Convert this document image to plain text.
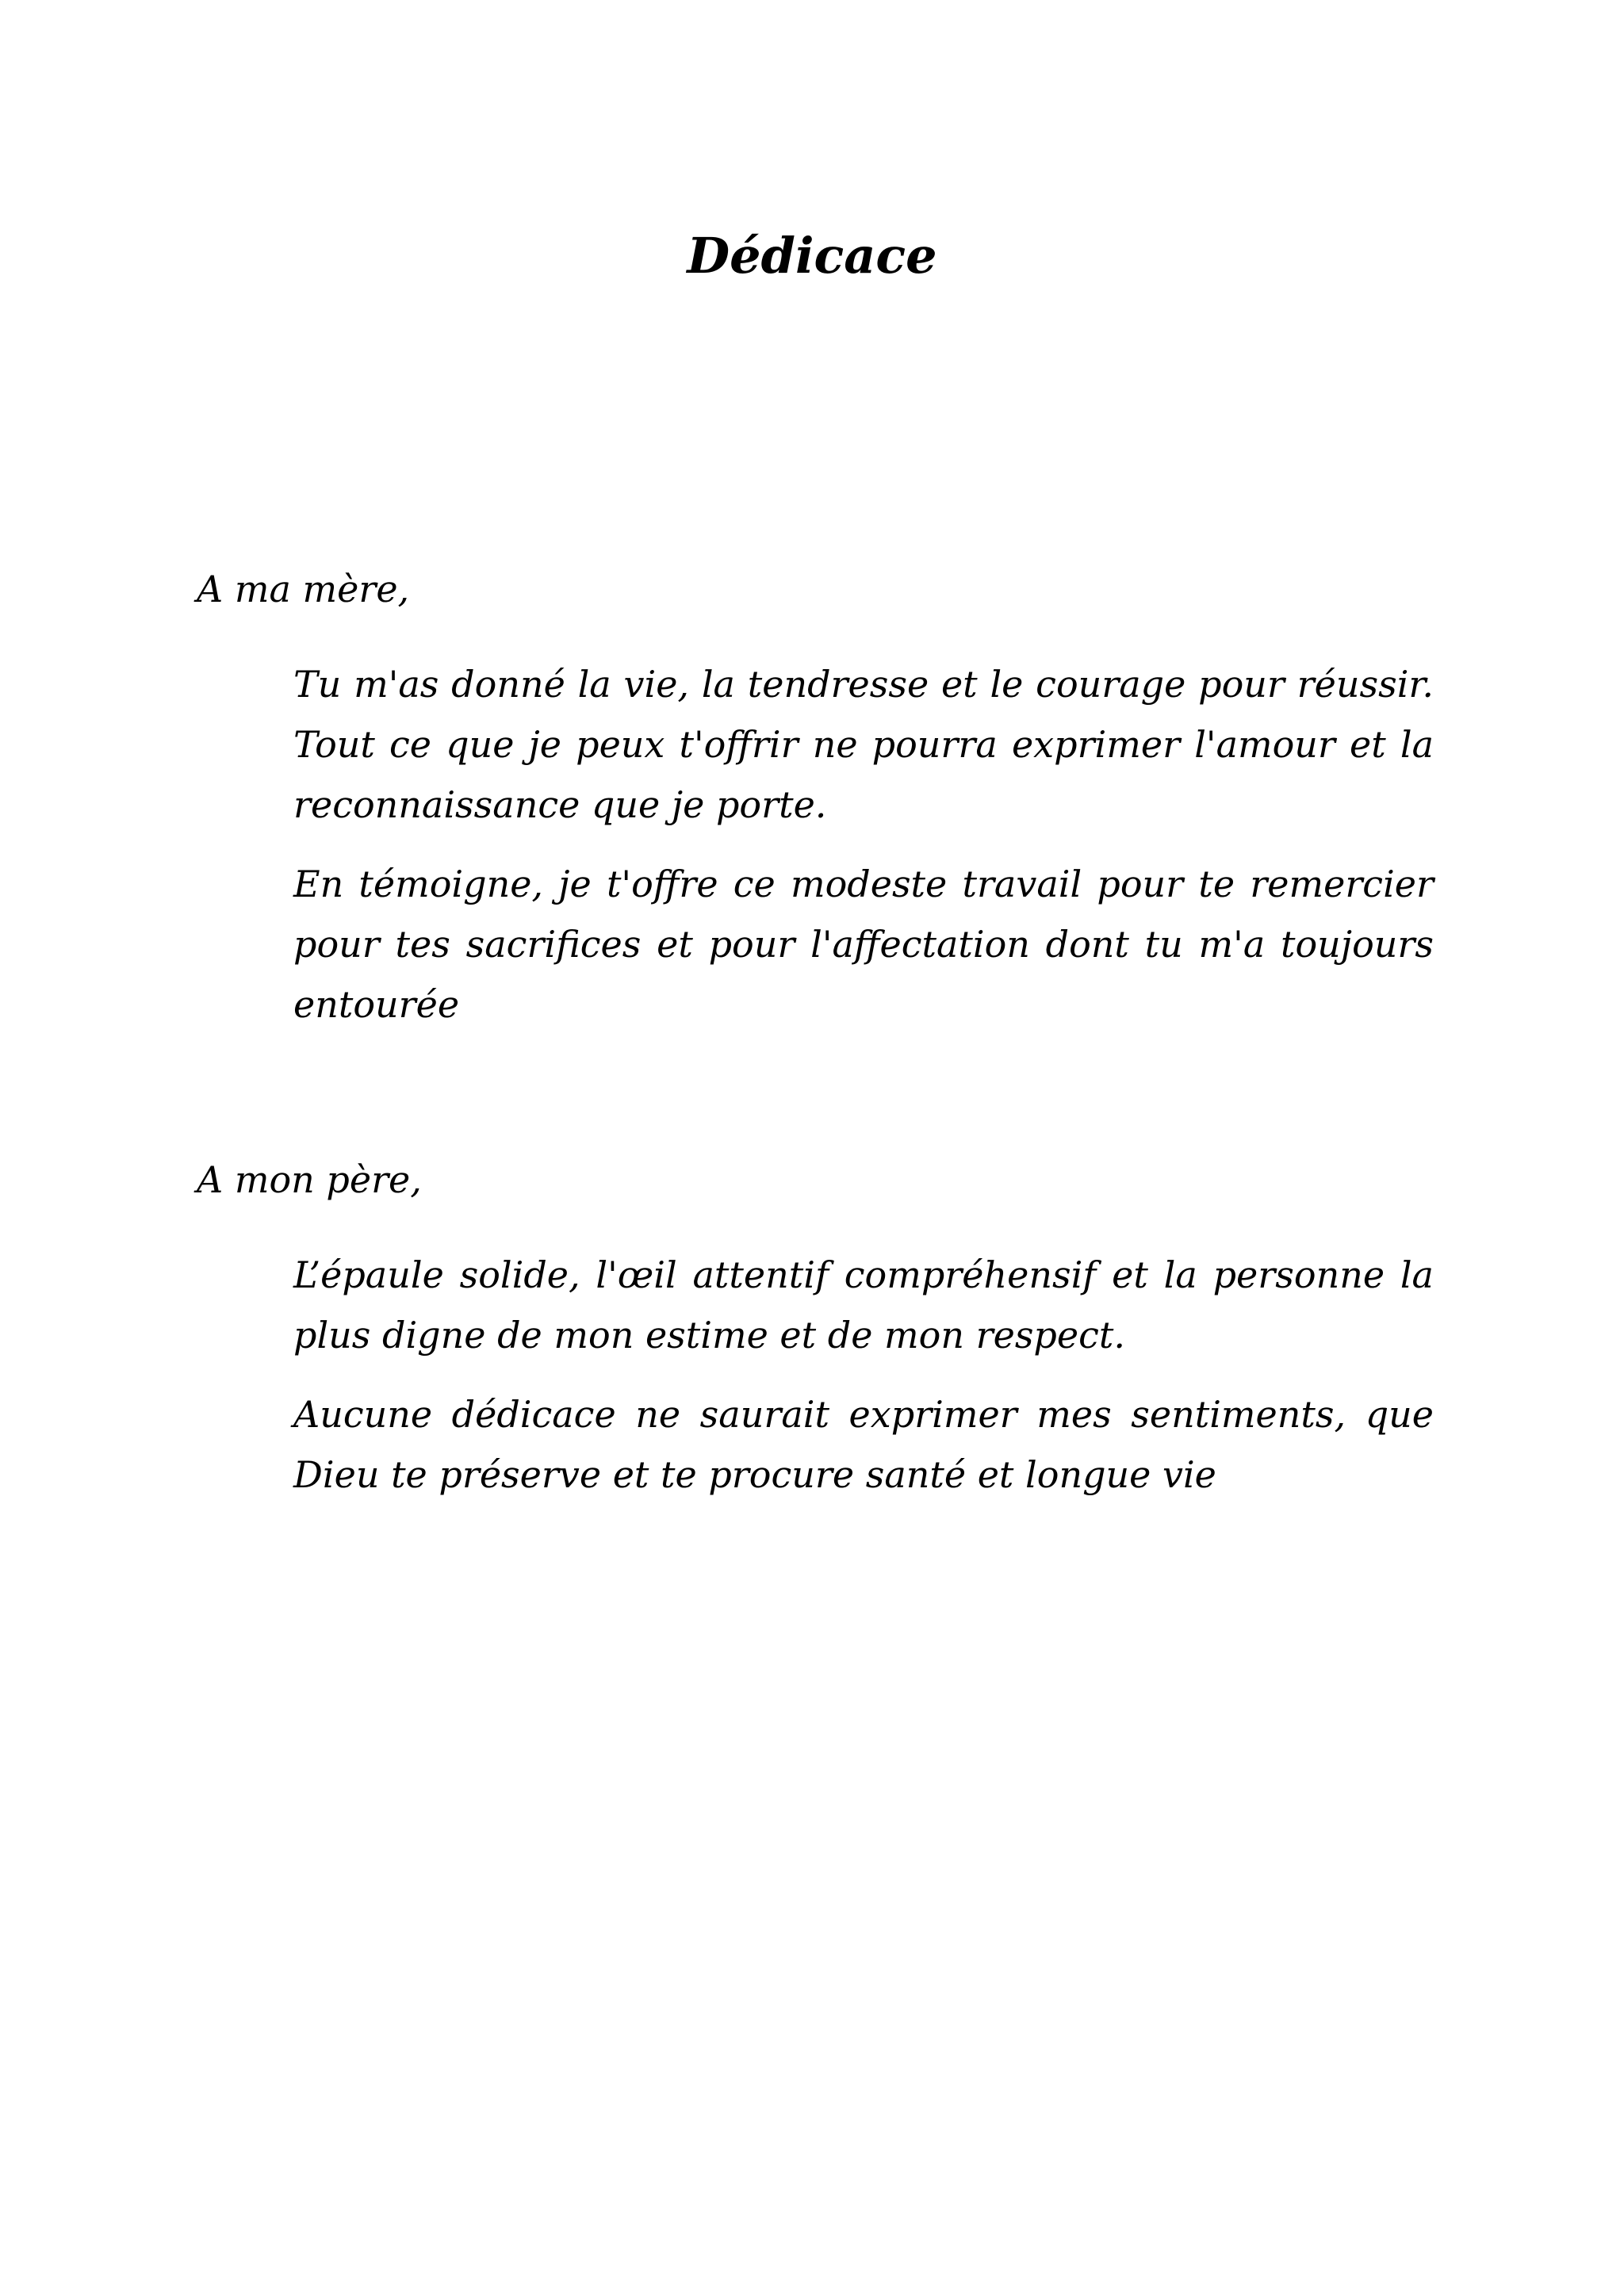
Dédicace

A ma mère,

Tu m'as donné la vie, la tendresse et le courage pour réussir. Tout ce que je peux t'offrir ne pourra exprimer l'amour et la reconnaissance que je porte.

En témoigne, je t'offre ce modeste travail pour te remercier pour tes sacrifices et pour l'affectation dont tu m'a toujours entourée

A mon père,

L’épaule solide, l'œil attentif compréhensif et la personne la plus digne de mon estime et de mon respect.

Aucune dédicace ne saurait exprimer mes sentiments, que Dieu te préserve et te procure santé et longue vie
